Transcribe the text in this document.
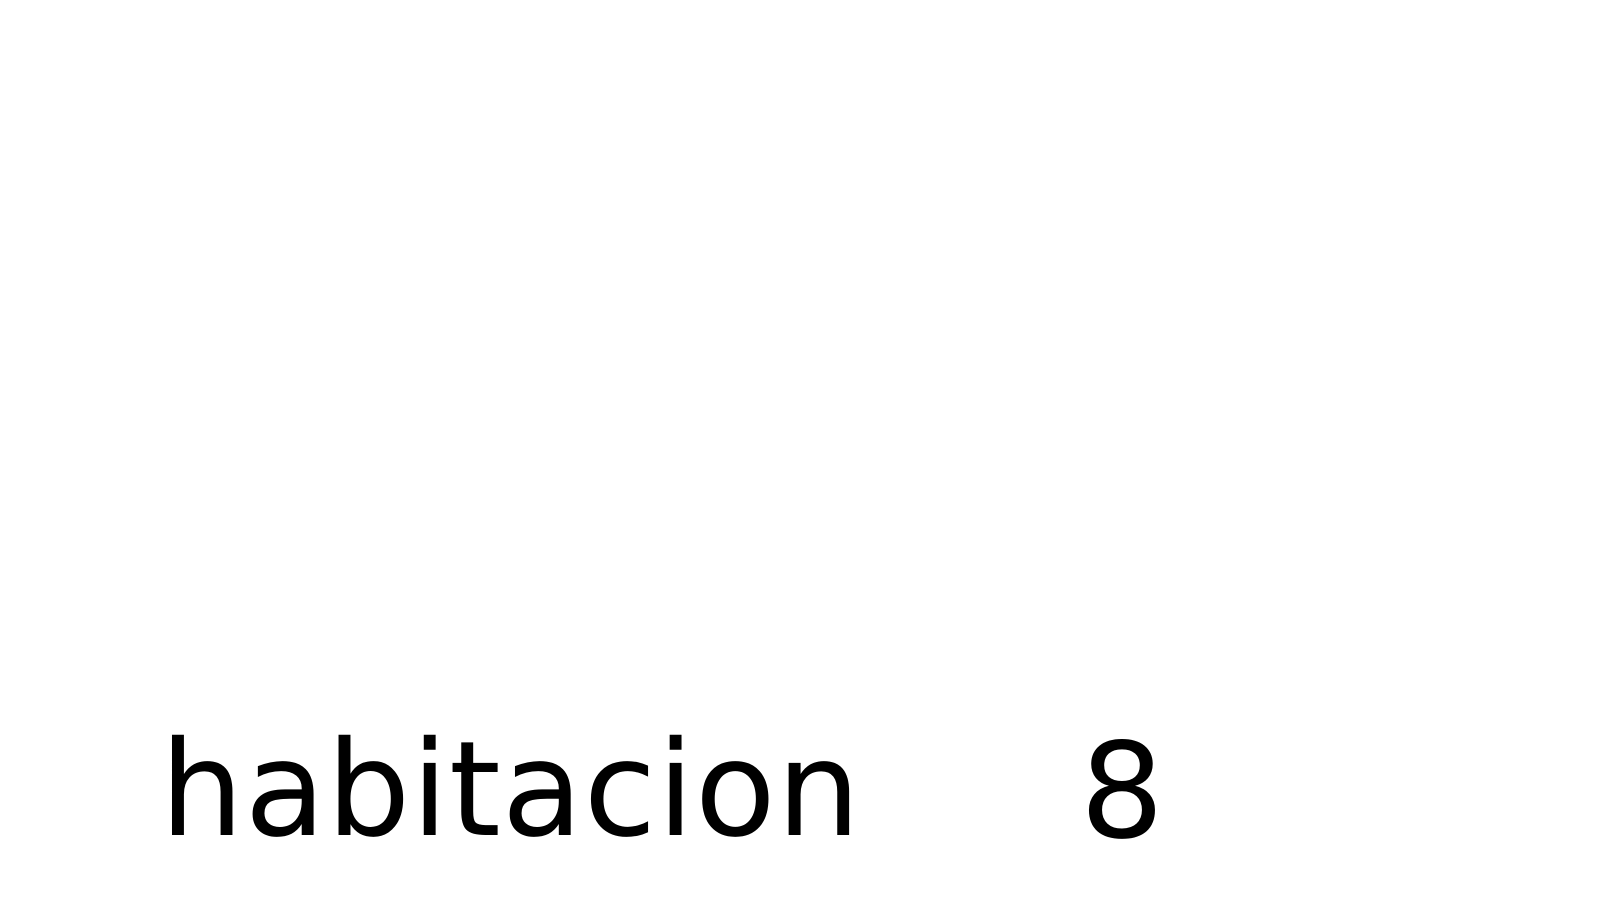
habitacion 8
